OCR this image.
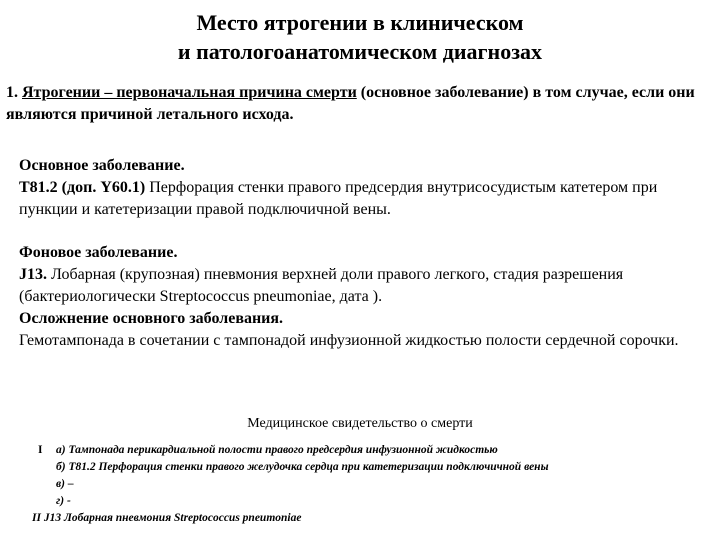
Место ятрогении в клиническом
и патологоанатомическом диагнозах
1. Ятрогении – первоначальная причина смерти (основное заболевание) в том случае, если они являются причиной летального исхода.
Основное заболевание.
T81.2 (доп. Y60.1) Перфорация стенки правого предсердия внутрисосудистым катетером при пункции и катетеризации правой подключичной вены.
Фоновое заболевание.
J13. Лобарная (крупозная) пневмония верхней доли правого легкого, стадия разрешения (бактериологически Streptococcus pneumoniae, дата ).
Осложнение основного заболевания.
Гемотампонада в сочетании с тампонадой инфузионной жидкостью полости сердечной сорочки.
Медицинское свидетельство о смерти
I а) Тампонада перикардиальной полости правого предсердия инфузионной жидкостью
б) T81.2 Перфорация стенки правого желудочка сердца при катетеризации подключичной вены
в) –
г) -
II J13 Лобарная пневмония Streptococcus pneumoniae
